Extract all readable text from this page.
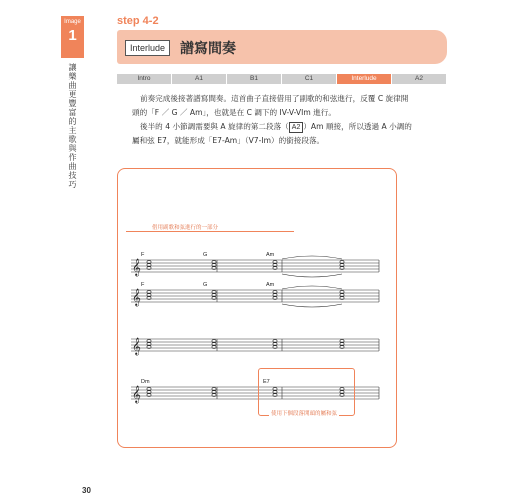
Image
1
讓
樂
曲
更
豐
富
的
主
歌
與
作
曲
技
巧
step 4-2
Interlude	譜寫間奏
Intro	A1	B1	C1	Interlude	A2
前奏完成後接著譜寫間奏。這首曲子直接借用了副歌的和弦進行，反覆 C 旋律開
頭的「F ／ G ／ Am」，也就是在 C 調下的 IV-V-VIm 進行。
後半的 4 小節調需要與 A 旋律的第二段落（ A2 ）Am 順接，所以透過 A 小調的
屬和弦 E7，就能形成「E7-Am」（V7-Im）的銜接段落。
借用副歌和弦進行的一部分
𝄞
F	G	Am
𝄞
F	G	Am
𝄞
𝄞
Dm	E7
使用下個段落開頭的屬和弦
30
